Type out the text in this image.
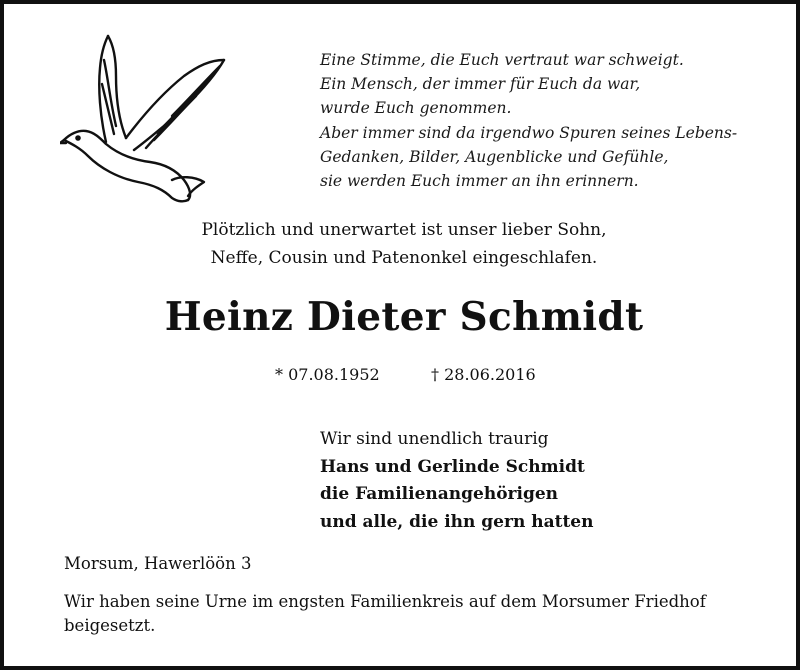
Eine Stimme, die Euch vertraut war schweigt.
Ein Mensch, der immer für Euch da war,
wurde Euch genommen.
Aber immer sind da irgendwo Spuren seines Lebens-
Gedanken, Bilder, Augenblicke und Gefühle,
sie werden Euch immer an ihn erinnern.
Plötzlich und unerwartet ist unser lieber Sohn,
Neffe, Cousin und Patenonkel eingeschlafen.
Heinz Dieter Schmidt
* 07.08.1952	† 28.06.2016
Wir sind unendlich traurig
Hans und Gerlinde Schmidt
die Familienangehörigen
und alle, die ihn gern hatten
Morsum, Hawerlöön 3
Wir haben seine Urne im engsten Familienkreis auf dem Morsumer Friedhof
beigesetzt.
